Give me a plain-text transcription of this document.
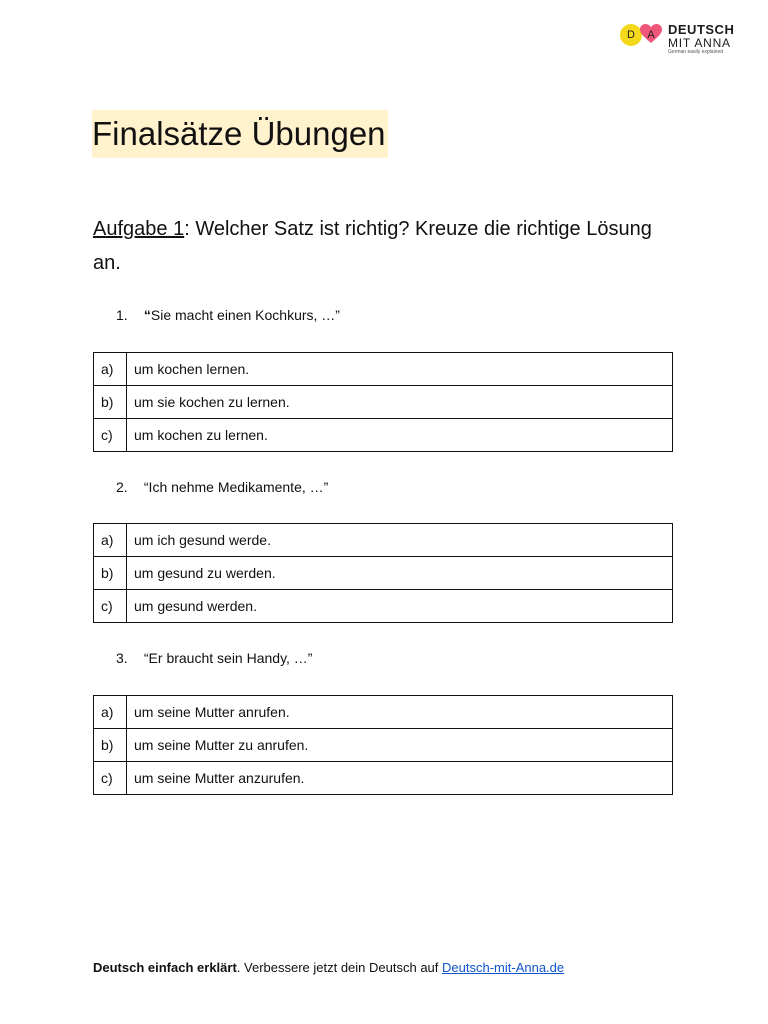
D	A	DEUTSCH
MIT ANNA
German easily explained
Finalsätze Übungen
Aufgabe 1: Welcher Satz ist richtig? Kreuze die richtige Lösung an.
1. “Sie macht einen Kochkurs, …”
a)	um kochen lernen.
b)	um sie kochen zu lernen.
c)	um kochen zu lernen.
2. “Ich nehme Medikamente, …”
a)	um ich gesund werde.
b)	um gesund zu werden.
c)	um gesund werden.
3. “Er braucht sein Handy, …”
a)	um seine Mutter anrufen.
b)	um seine Mutter zu anrufen.
c)	um seine Mutter anzurufen.
Deutsch einfach erklärt. Verbessere jetzt dein Deutsch auf Deutsch-mit-Anna.de
